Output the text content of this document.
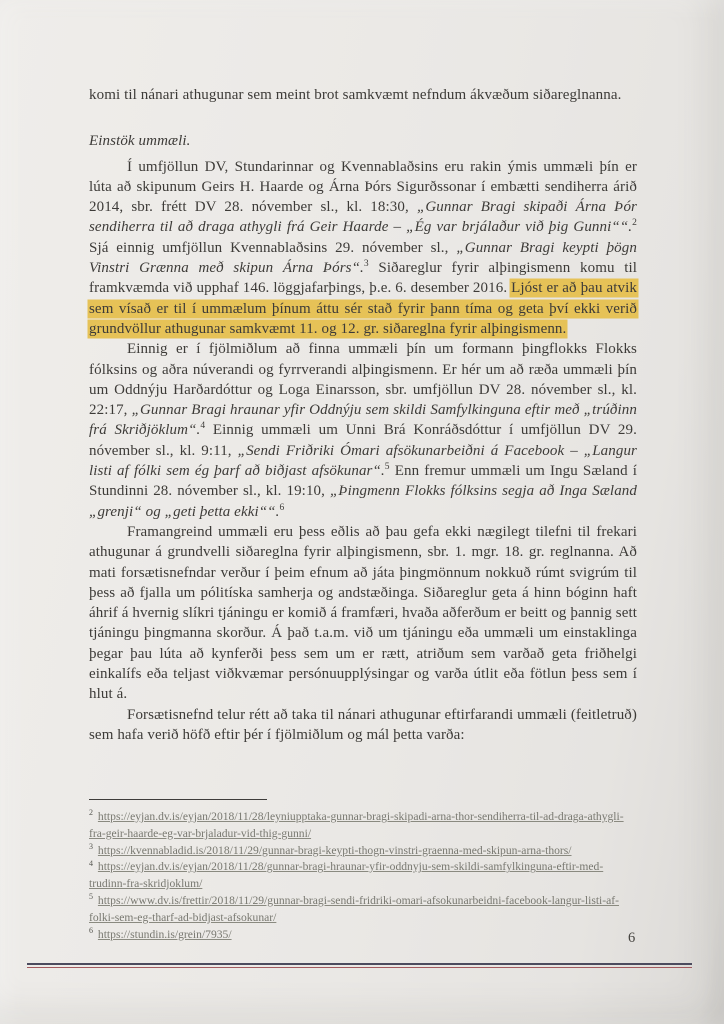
komi til nánari athugunar sem meint brot samkvæmt nefndum ákvæðum siðareglnanna.

Einstök ummæli.

Í umfjöllun DV, Stundarinnar og Kvennablaðsins eru rakin ýmis ummæli þín er lúta að skipunum Geirs H. Haarde og Árna Þórs Sigurðssonar í embætti sendiherra árið 2014, sbr. frétt DV 28. nóvember sl., kl. 18:30, „Gunnar Bragi skipaði Árna Þór sendiherra til að draga athygli frá Geir Haarde – „Ég var brjálaður við þig Gunni““.$^2$ Sjá einnig umfjöllun Kvennablaðsins 29. nóvember sl., „Gunnar Bragi keypti þögn Vinstri Grænna með skipun Árna Þórs“.$^3$ Siðareglur fyrir alþingismenn komu til framkvæmda við upphaf 146. löggjafarþings, þ.e. 6. desember 2016. Ljóst er að þau atvik sem vísað er til í ummælum þínum áttu sér stað fyrir þann tíma og geta því ekki verið grundvöllur athugunar samkvæmt 11. og 12. gr. siðareglna fyrir alþingismenn.

Einnig er í fjölmiðlum að finna ummæli þín um formann þingflokks Flokks fólksins og aðra núverandi og fyrrverandi alþingismenn. Er hér um að ræða ummæli þín um Oddnýju Harðardóttur og Loga Einarsson, sbr. umfjöllun DV 28. nóvember sl., kl. 22:17, „Gunnar Bragi hraunar yfir Oddnýju sem skildi Samfylkinguna eftir með „trúðinn frá Skriðjöklum“.$^4$ Einnig ummæli um Unni Brá Konráðsdóttur í umfjöllun DV 29. nóvember sl., kl. 9:11, „Sendi Friðriki Ómari afsökunarbeiðni á Facebook – „Langur listi af fólki sem ég þarf að biðjast afsökunar“.$^5$ Enn fremur ummæli um Ingu Sæland í Stundinni 28. nóvember sl., kl. 19:10, „Þingmenn Flokks fólksins segja að Inga Sæland „grenji“ og „geti þetta ekki““.$^6$

Framangreind ummæli eru þess eðlis að þau gefa ekki nægilegt tilefni til frekari athugunar á grundvelli siðareglna fyrir alþingismenn, sbr. 1. mgr. 18. gr. reglnanna. Að mati forsætisnefndar verður í þeim efnum að játa þingmönnum nokkuð rúmt svigrúm til þess að fjalla um pólitíska samherja og andstæðinga. Siðareglur geta á hinn bóginn haft áhrif á hvernig slíkri tjáningu er komið á framfæri, hvaða aðferðum er beitt og þannig sett tjáningu þingmanna skorður. Á það t.a.m. við um tjáningu eða ummæli um einstaklinga þegar þau lúta að kynferði þess sem um er rætt, atriðum sem varðað geta friðhelgi einkalífs eða teljast viðkvæmar persónuupplýsingar og varða útlit eða fötlun þess sem í hlut á.

Forsætisnefnd telur rétt að taka til nánari athugunar eftirfarandi ummæli (feitletruð) sem hafa verið höfð eftir þér í fjölmiðlum og mál þetta varða:

$^2$ https://eyjan.dv.is/eyjan/2018/11/28/leyniupptaka-gunnar-bragi-skipadi-arna-thor-sendiherra-til-ad-draga-athygli-fra-geir-haarde-eg-var-brjaladur-vid-thig-gunni/
$^3$ https://kvennabladid.is/2018/11/29/gunnar-bragi-keypti-thogn-vinstri-graenna-med-skipun-arna-thors/
$^4$ https://eyjan.dv.is/eyjan/2018/11/28/gunnar-bragi-hraunar-yfir-oddnyju-sem-skildi-samfylkinguna-eftir-med-trudinn-fra-skridjoklum/
$^5$ https://www.dv.is/frettir/2018/11/29/gunnar-bragi-sendi-fridriki-omari-afsokunarbeidni-facebook-langur-listi-af-folki-sem-eg-tharf-ad-bidjast-afsokunar/
$^6$ https://stundin.is/grein/7935/	6
